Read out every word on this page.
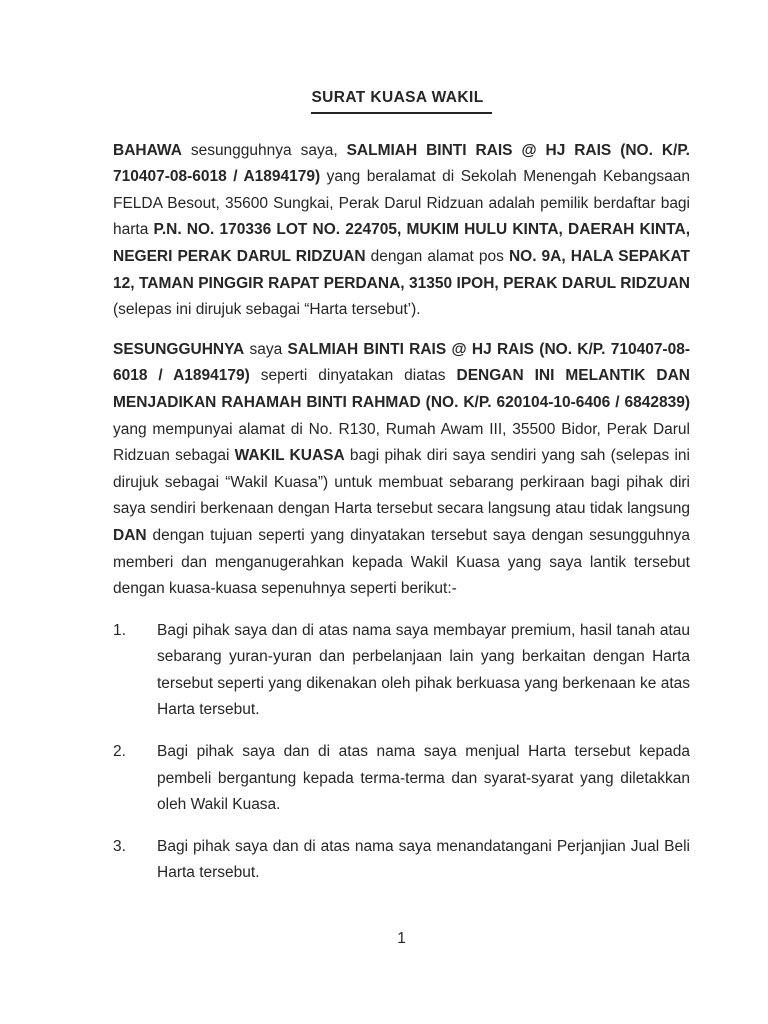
SURAT KUASA WAKIL

BAHAWA sesungguhnya saya, SALMIAH BINTI RAIS @ HJ RAIS (NO. K/P. 710407-08-6018 / A1894179) yang beralamat di Sekolah Menengah Kebangsaan FELDA Besout, 35600 Sungkai, Perak Darul Ridzuan adalah pemilik berdaftar bagi harta P.N. NO. 170336 LOT NO. 224705, MUKIM HULU KINTA, DAERAH KINTA, NEGERI PERAK DARUL RIDZUAN dengan alamat pos NO. 9A, HALA SEPAKAT 12, TAMAN PINGGIR RAPAT PERDANA, 31350 IPOH, PERAK DARUL RIDZUAN (selepas ini dirujuk sebagai “Harta tersebut’).

SESUNGGUHNYA saya SALMIAH BINTI RAIS @ HJ RAIS (NO. K/P. 710407-08-6018 / A1894179) seperti dinyatakan diatas DENGAN INI MELANTIK DAN MENJADIKAN RAHAMAH BINTI RAHMAD (NO. K/P. 620104-10-6406 / 6842839) yang mempunyai alamat di No. R130, Rumah Awam III, 35500 Bidor, Perak Darul Ridzuan sebagai WAKIL KUASA bagi pihak diri saya sendiri yang sah (selepas ini dirujuk sebagai “Wakil Kuasa”) untuk membuat sebarang perkiraan bagi pihak diri saya sendiri berkenaan dengan Harta tersebut secara langsung atau tidak langsung DAN dengan tujuan seperti yang dinyatakan tersebut saya dengan sesungguhnya memberi dan menganugerahkan kepada Wakil Kuasa yang saya lantik tersebut dengan kuasa-kuasa sepenuhnya seperti berikut:-

1.	Bagi pihak saya dan di atas nama saya membayar premium, hasil tanah atau sebarang yuran-yuran dan perbelanjaan lain yang berkaitan dengan Harta tersebut seperti yang dikenakan oleh pihak berkuasa yang berkenaan ke atas Harta tersebut.
2.	Bagi pihak saya dan di atas nama saya menjual Harta tersebut kepada pembeli bergantung kepada terma-terma dan syarat-syarat yang diletakkan oleh Wakil Kuasa.
3.	Bagi pihak saya dan di atas nama saya menandatangani Perjanjian Jual Beli Harta tersebut.
1
